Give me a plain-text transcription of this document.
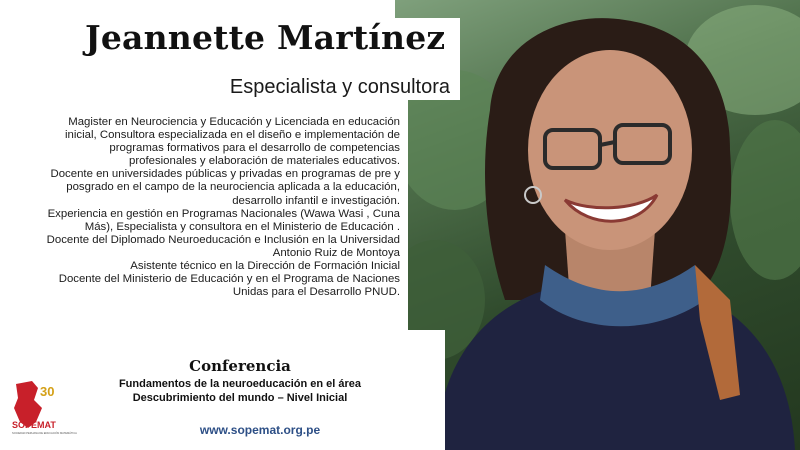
Jeannette Martínez
Especialista y consultora

Magister en Neurociencia y Educación y Licenciada en educación inicial, Consultora especializada en el diseño e implementación de programas formativos para el desarrollo de competencias profesionales y elaboración de materiales educativos.

Docente en universidades públicas y privadas en programas de pre y posgrado en el campo de la neurociencia aplicada a la educación, desarrollo infantil e investigación.

Experiencia en gestión en Programas Nacionales (Wawa Wasi , Cuna Más), Especialista y consultora en el Ministerio de Educación .

Docente del Diplomado Neuroeducación e Inclusión en la Universidad Antonio Ruiz de Montoya

Asistente técnico en la Dirección de Formación Inicial

Docente del Ministerio de Educación y en el Programa de Naciones Unidas para el Desarrollo PNUD.

Conferencia
Fundamentos de la neuroeducación en el área
Descubrimiento del mundo – Nivel Inicial
www.sopemat.org.pe
30
SOPEMAT
SOCIEDAD PERUANA DE EDUCACIÓN MATEMÁTICA
